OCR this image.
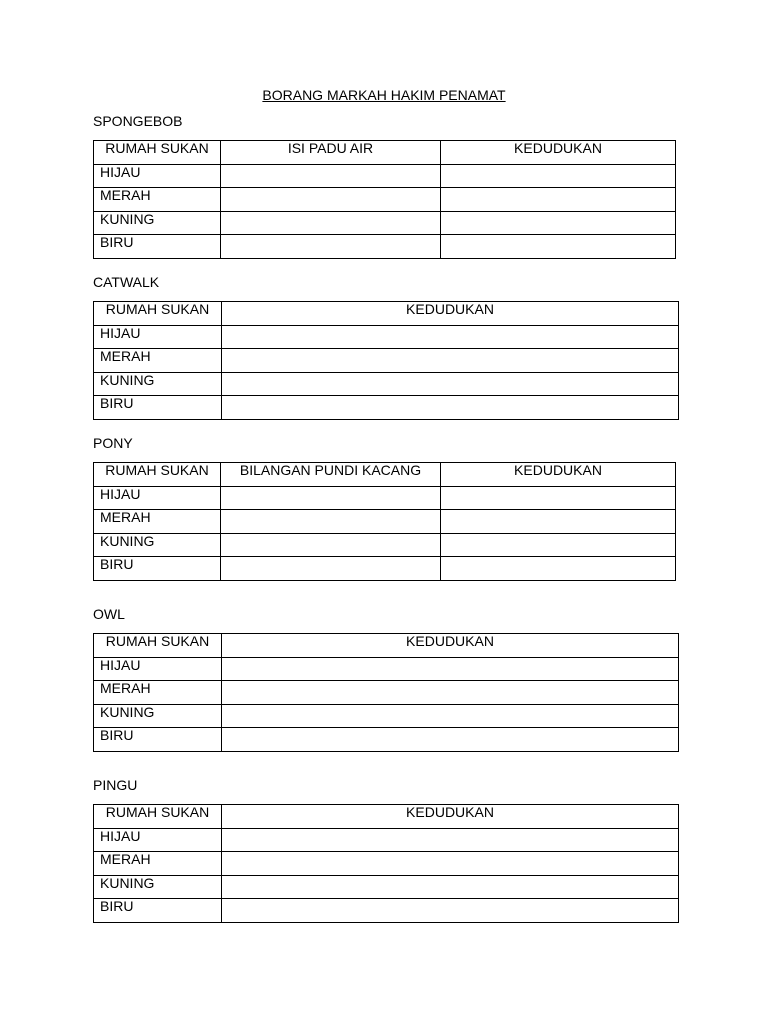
BORANG MARKAH HAKIM PENAMAT

SPONGEBOB

RUMAH SUKAN	ISI PADU AIR	KEDUDUKAN
HIJAU		
MERAH		
KUNING		
BIRU		

CATWALK

RUMAH SUKAN	KEDUDUKAN
HIJAU	
MERAH	
KUNING	
BIRU	

PONY

RUMAH SUKAN	BILANGAN PUNDI KACANG	KEDUDUKAN
HIJAU		
MERAH		
KUNING		
BIRU		

OWL

RUMAH SUKAN	KEDUDUKAN
HIJAU	
MERAH	
KUNING	
BIRU	

PINGU

RUMAH SUKAN	KEDUDUKAN
HIJAU	
MERAH	
KUNING	
BIRU	
